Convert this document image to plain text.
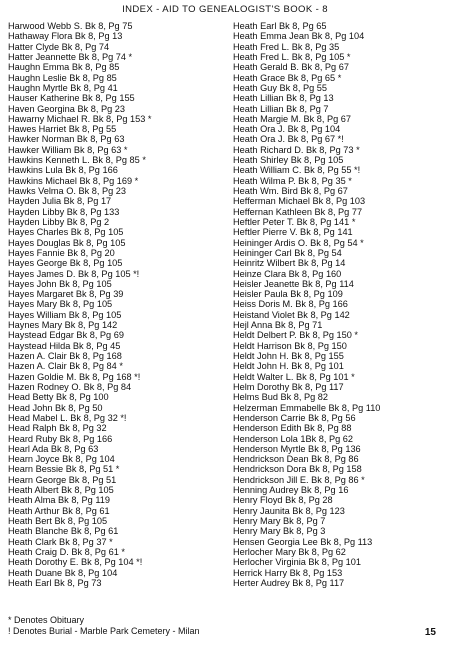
INDEX - AID TO GENEALOGIST'S BOOK - 8
Harwood Webb S. Bk 8, Pg 75
Hathaway Flora Bk 8, Pg 13
Hatter Clyde Bk 8, Pg 74
Hatter Jeannette Bk 8, Pg 74 *
Haughn Emma Bk 8, Pg 85
Haughn Leslie Bk 8, Pg 85
Haughn Myrtle Bk 8, Pg 41
Hauser Katherine Bk 8, Pg 155
Haven Georgina Bk 8, Pg 23
Hawarny Michael R. Bk 8, Pg 153 *
Hawes Harriet Bk 8, Pg 55
Hawker Norman Bk 8, Pg 63
Hawker William Bk 8, Pg 63 *
Hawkins Kenneth L. Bk 8, Pg 85 *
Hawkins Lula Bk 8, Pg 166
Hawkins Michael Bk 8, Pg 169 *
Hawks Velma O. Bk 8, Pg 23
Hayden Julia Bk 8, Pg 17
Hayden Libby Bk 8, Pg 133
Hayden Libby Bk 8, Pg 2
Hayes Charles Bk 8, Pg 105
Hayes Douglas Bk 8, Pg 105
Hayes Fannie Bk 8, Pg 20
Hayes George Bk 8, Pg 105
Hayes James D. Bk 8, Pg 105 *!
Hayes John Bk 8, Pg 105
Hayes Margaret Bk 8, Pg 39
Hayes Mary Bk 8, Pg 105
Hayes William Bk 8, Pg 105
Haynes Mary Bk 8, Pg 142
Haystead Edgar Bk 8, Pg 69
Haystead Hilda Bk 8, Pg 45
Hazen A. Clair Bk 8, Pg 168
Hazen A. Clair Bk 8, Pg 84 *
Hazen Goldie M. Bk 8, Pg 168 *!
Hazen Rodney O. Bk 8, Pg 84
Head Betty Bk 8, Pg 100
Head John Bk 8, Pg 50
Head Mabel L. Bk 8, Pg 32 *!
Head Ralph Bk 8, Pg 32
Heard Ruby Bk 8, Pg 166
Hearl Ada Bk 8, Pg 63
Hearn Joyce Bk 8, Pg 104
Hearn Bessie Bk 8, Pg 51 *
Hearn George Bk 8, Pg 51
Heath Albert Bk 8, Pg 105
Heath Alma Bk 8, Pg 119
Heath Arthur Bk 8, Pg 61
Heath Bert Bk 8, Pg 105
Heath Blanche Bk 8, Pg 61
Heath Clark Bk 8, Pg 37 *
Heath Craig D. Bk 8, Pg 61 *
Heath Dorothy E. Bk 8, Pg 104 *!
Heath Duane Bk 8, Pg 104
Heath Earl Bk 8, Pg 73
Heath Earl Bk 8, Pg 65
Heath Emma Jean Bk 8, Pg 104
Heath Fred L. Bk 8, Pg 35
Heath Fred L. Bk 8, Pg 105 *
Heath Gerald B. Bk 8, Pg 67
Heath Grace Bk 8, Pg 65 *
Heath Guy Bk 8, Pg 55
Heath Lillian Bk 8, Pg 13
Heath Lillian Bk 8, Pg 7
Heath Margie M. Bk 8, Pg 67
Heath Ora J. Bk 8, Pg 104
Heath Ora J. Bk 8, Pg 67 *!
Heath Richard D. Bk 8, Pg 73 *
Heath Shirley Bk 8, Pg 105
Heath William C. Bk 8, Pg 55 *!
Heath Wilma P. Bk 8, Pg 35 *
Heath Wm. Bird Bk 8, Pg 67
Hefferman Michael Bk 8, Pg 103
Heffernan Kathleen Bk 8, Pg 77
Heftler Peter T. Bk 8, Pg 141 *
Heftler Pierre V. Bk 8, Pg 141
Heininger Ardis O. Bk 8, Pg 54 *
Heininger Carl Bk 8, Pg 54
Heinritz Wilbert Bk 8, Pg 14
Heinze Clara Bk 8, Pg 160
Heisler Jeanette Bk 8, Pg 114
Heisler Paula Bk 8, Pg 109
Heiss Doris M. Bk 8, Pg 166
Heistand Violet Bk 8, Pg 142
Hejl Anna Bk 8, Pg 71
Heldt Delbert P. Bk 8, Pg 150 *
Heldt Harrison Bk 8, Pg 150
Heldt John H. Bk 8, Pg 155
Heldt John H. Bk 8, Pg 101
Heldt Walter L. Bk 8, Pg 101 *
Helm Dorothy Bk 8, Pg 117
Helms Bud Bk 8, Pg 82
Helzerman Emmabelle Bk 8, Pg 110
Henderson Carrie Bk 8, Pg 56
Henderson Edith Bk 8, Pg 88
Henderson Lola 1Bk 8, Pg 62
Henderson Myrtle Bk 8, Pg 136
Hendrickson Dean Bk 8, Pg 86
Hendrickson Dora Bk 8, Pg 158
Hendrickson Jill E. Bk 8, Pg 86 *
Henning Audrey Bk 8, Pg 16
Henry Floyd Bk 8, Pg 28
Henry Jaunita Bk 8, Pg 123
Henry Mary Bk 8, Pg 7
Henry Mary Bk 8, Pg 3
Hensen Georgia Lee Bk 8, Pg 113
Herlocher Mary Bk 8, Pg 62
Herlocher Virginia Bk 8, Pg 101
Herrick Harry Bk 8, Pg 153
Herter Audrey Bk 8, Pg 117
* Denotes Obituary
! Denotes Burial - Marble Park Cemetery - Milan	15
